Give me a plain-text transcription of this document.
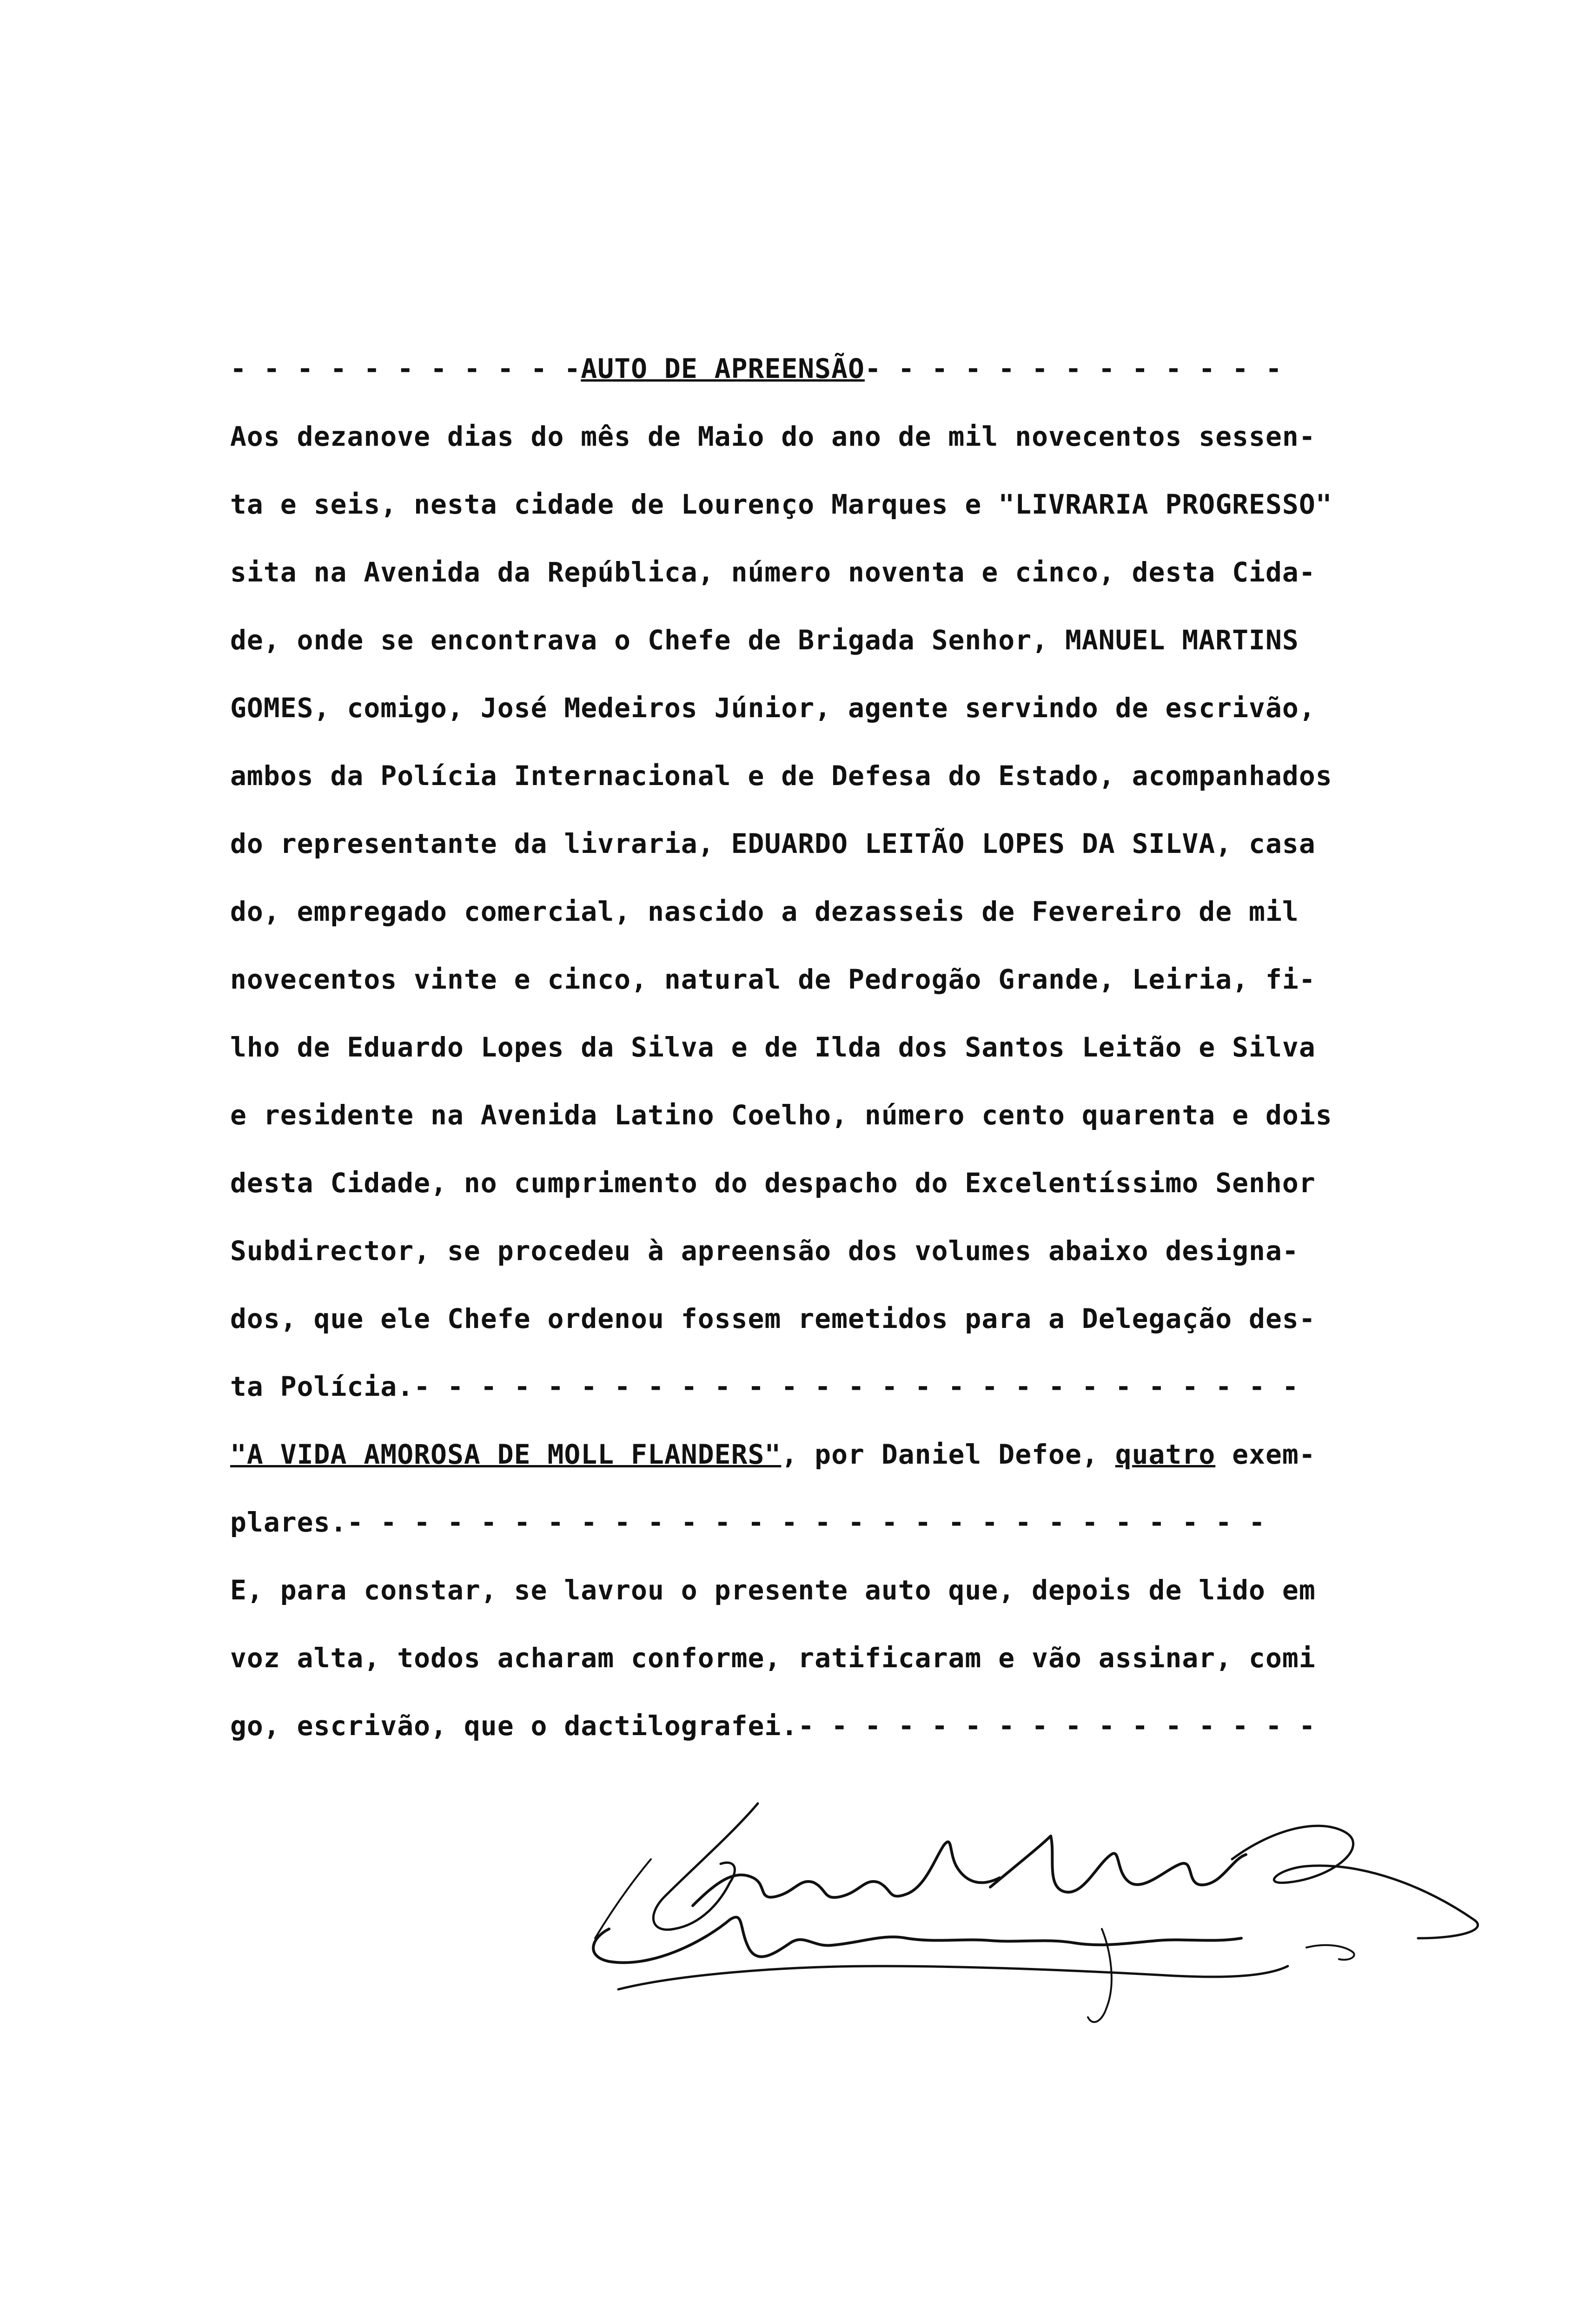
- - - - - - - - - - -AUTO DE APREENSÃO- - - - - - - - - - - - -
Aos dezanove dias do mês de Maio do ano de mil novecentos sessen-
ta e seis, nesta cidade de Lourenço Marques e "LIVRARIA PROGRESSO"
sita na Avenida da República, número noventa e cinco, desta Cida-
de, onde se encontrava o Chefe de Brigada Senhor, MANUEL MARTINS
GOMES, comigo, José Medeiros Júnior, agente servindo de escrivão,
ambos da Polícia Internacional e de Defesa do Estado, acompanhados
do representante da livraria, EDUARDO LEITÃO LOPES DA SILVA, casa
do, empregado comercial, nascido a dezasseis de Fevereiro de mil
novecentos vinte e cinco, natural de Pedrogão Grande, Leiria, fi-
lho de Eduardo Lopes da Silva e de Ilda dos Santos Leitão e Silva
e residente na Avenida Latino Coelho, número cento quarenta e dois
desta Cidade, no cumprimento do despacho do Excelentíssimo Senhor
Subdirector, se procedeu à apreensão dos volumes abaixo designa-
dos, que ele Chefe ordenou fossem remetidos para a Delegação des-
ta Polícia.- - - - - - - - - - - - - - - - - - - - - - - - - - -
"A VIDA AMOROSA DE MOLL FLANDERS", por Daniel Defoe, quatro exem-
plares.- - - - - - - - - - - - - - - - - - - - - - - - - - - -
E, para constar, se lavrou o presente auto que, depois de lido em
voz alta, todos acharam conforme, ratificaram e vão assinar, comi
go, escrivão, que o dactilografei.- - - - - - - - - - - - - - - -
